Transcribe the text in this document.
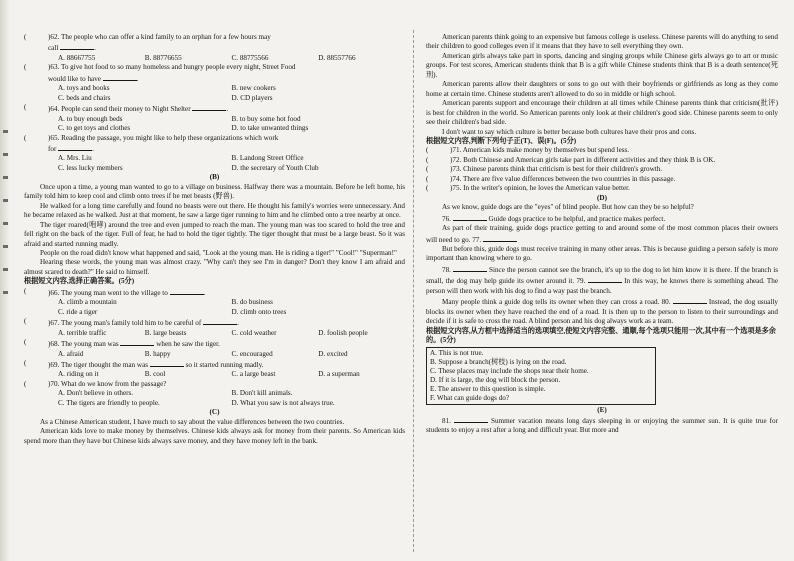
(	)62. The people who can offer a kind family to an orphan for a few hours may
call	.
A. 88667755	B. 88776655	C. 88775566	D. 88557766
(	)63. To give hot food to so many homeless and hungry people every night, Street Food
would like to have	.
A. toys and books	B. new cookers
C. beds and chairs	D. CD players
(	)64. People can send their money to Night Shelter	.
A. to buy enough beds	B. to buy some hot food
C. to get toys and clothes	D. to take unwanted things
(	)65. Reading the passage, you might like to help these organizations which work
for	.
A. Mrs. Liu	B. Landong Street Office
C. less lucky members	D. the secretary of Youth Club
(B)

Once upon a time, a young man wanted to go to a village on business. Halfway there was a mountain. Before he left home, his family told him to keep cool and climb onto trees if he met beasts (野兽).

He walked for a long time carefully and found no beasts were out there. He thought his family's worries were unnecessary. And he became relaxed as he walked. Just at that moment, he saw a large tiger running to him and he climbed onto a tree nearby at once.

The tiger roared(咆哮) around the tree and even jumped to reach the man. The young man was too scared to hold the tree and fell right on the back of the tiger. Full of fear, he had to hold the tiger tightly. The tiger thought that must be a large beast. So it was afraid and started running madly.

People on the road didn't know what happened and said, "Look at the young man. He is riding a tiger!" "Cool!" "Superman!"

Hearing these words, the young man was almost crazy. "Why can't they see I'm in danger? Don't they know I am afraid and almost scared to death?" He said to himself.

根据短文内容,选择正确答案。(5分)
(	)66. The young man went to the village to	.
A. climb a mountain	B. do business
C. ride a tiger	D. climb onto trees
(	)67. The young man's family told him to be careful of	.
A. terrible traffic	B. large beasts	C. cold weather	D. foolish people
(	)68. The young man was	when he saw the tiger.
A. afraid	B. happy	C. encouraged	D. excited
(	)69. The tiger thought the man was	so it started running madly.
A. riding on it	B. cool	C. a large beast	D. a superman
(	)70. What do we know from the passage?
A. Don't believe in others.	B. Don't kill animals.
C. The tigers are friendly to people.	D. What you saw is not always true.
(C)

As a Chinese American student, I have much to say about the value differences between the two countries.

American kids love to make money by themselves. Chinese kids always ask for money from their parents. So American kids spend more than they have but Chinese kids always save money, and they have money left in the bank.

American parents think going to an expensive but famous college is useless. Chinese parents will do anything to send their children to good colleges even if it means that they have to sell everything they own.

American girls always take part in sports, dancing and singing groups while Chinese girls always go to art or music groups. For test scores, American students think that B is a gift while Chinese students think that B is a death sentence(死刑).

American parents allow their daughters or sons to go out with their boyfriends or girlfriends as long as they come home at certain time. Chinese students aren't allowed to do so in middle or high school.

American parents support and encourage their children at all times while Chinese parents think that criticism(批评) is best for children in the world. So American parents only look at their children's good side. Chinese parents seem to only see their children's bad side.

I don't want to say which culture is better because both cultures have their pros and cons.

根据短文内容,判断下列句子正(T)、误(F)。(5分)
(	)71. American kids make money by themselves but spend less.
(	)72. Both Chinese and American girls take part in different activities and they think B is OK.
(	)73. Chinese parents think that criticism is best for their children's growth.
(	)74. There are five value differences between the two countries in this passage.
(	)75. In the writer's opinion, he loves the American value better.
(D)

As we know, guide dogs are the "eyes" of blind people. But how can they be so helpful?

76.	Guide dogs practice to be helpful, and practice makes perfect.

As part of their training, guide dogs practice getting to and around some of the most common places their owners will need to go. 77.

But before this, guide dogs must receive training in many other areas. This is because guiding a person safely is more important than knowing where to go.

78.	Since the person cannot see the branch, it's up to the dog to let him know it is there. If the branch is small, the dog may help guide its owner around it. 79.	In this way, he knows there is something ahead. The person will then work with his dog to find a way past the branch.

Many people think a guide dog tells its owner when they can cross a road. 80.	Instead, the dog usually blocks its owner when they have reached the end of a road. It is then up to the person to listen to their surroundings and decide if it is safe to cross the road. A blind person and his dog always work as a team.

根据短文内容,从方框中选择适当的选项填空,使短文内容完整、通顺,每个选项只能用一次,其中有一个选项是多余的。(5分)
A. This is not true.
B. Suppose a branch(树枝) is lying on the road.
C. These places may include the shops near their home.
D. If it is large, the dog will block the person.
E. The answer to this question is simple.
F. What can guide dogs do?
(E)

81.	Summer vacation means long days sleeping in or enjoying the summer sun. It is quite true for students to enjoy a rest after a long and difficult year. But more and
